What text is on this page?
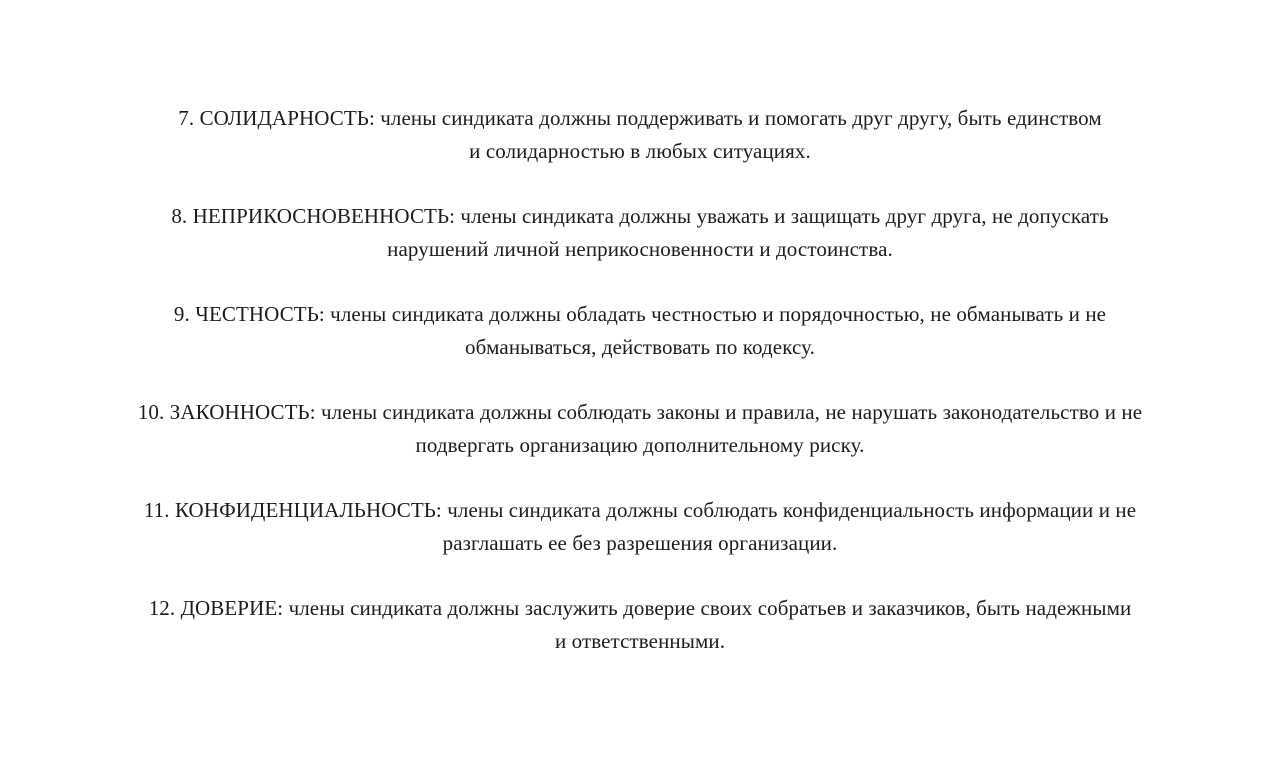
7. СОЛИДАРНОСТЬ: члены синдиката должны поддерживать и помогать друг другу, быть единством
и солидарностью в любых ситуациях.

8. НЕПРИКОСНОВЕННОСТЬ: члены синдиката должны уважать и защищать друг друга, не допускать
нарушений личной неприкосновенности и достоинства.

9. ЧЕСТНОСТЬ: члены синдиката должны обладать честностью и порядочностью, не обманывать и не
обманываться, действовать по кодексу.

10. ЗАКОННОСТЬ: члены синдиката должны соблюдать законы и правила, не нарушать законодательство и не
подвергать организацию дополнительному риску.

11. КОНФИДЕНЦИАЛЬНОСТЬ: члены синдиката должны соблюдать конфиденциальность информации и не
разглашать ее без разрешения организации.

12. ДОВЕРИЕ: члены синдиката должны заслужить доверие своих собратьев и заказчиков, быть надежными
и ответственными.
